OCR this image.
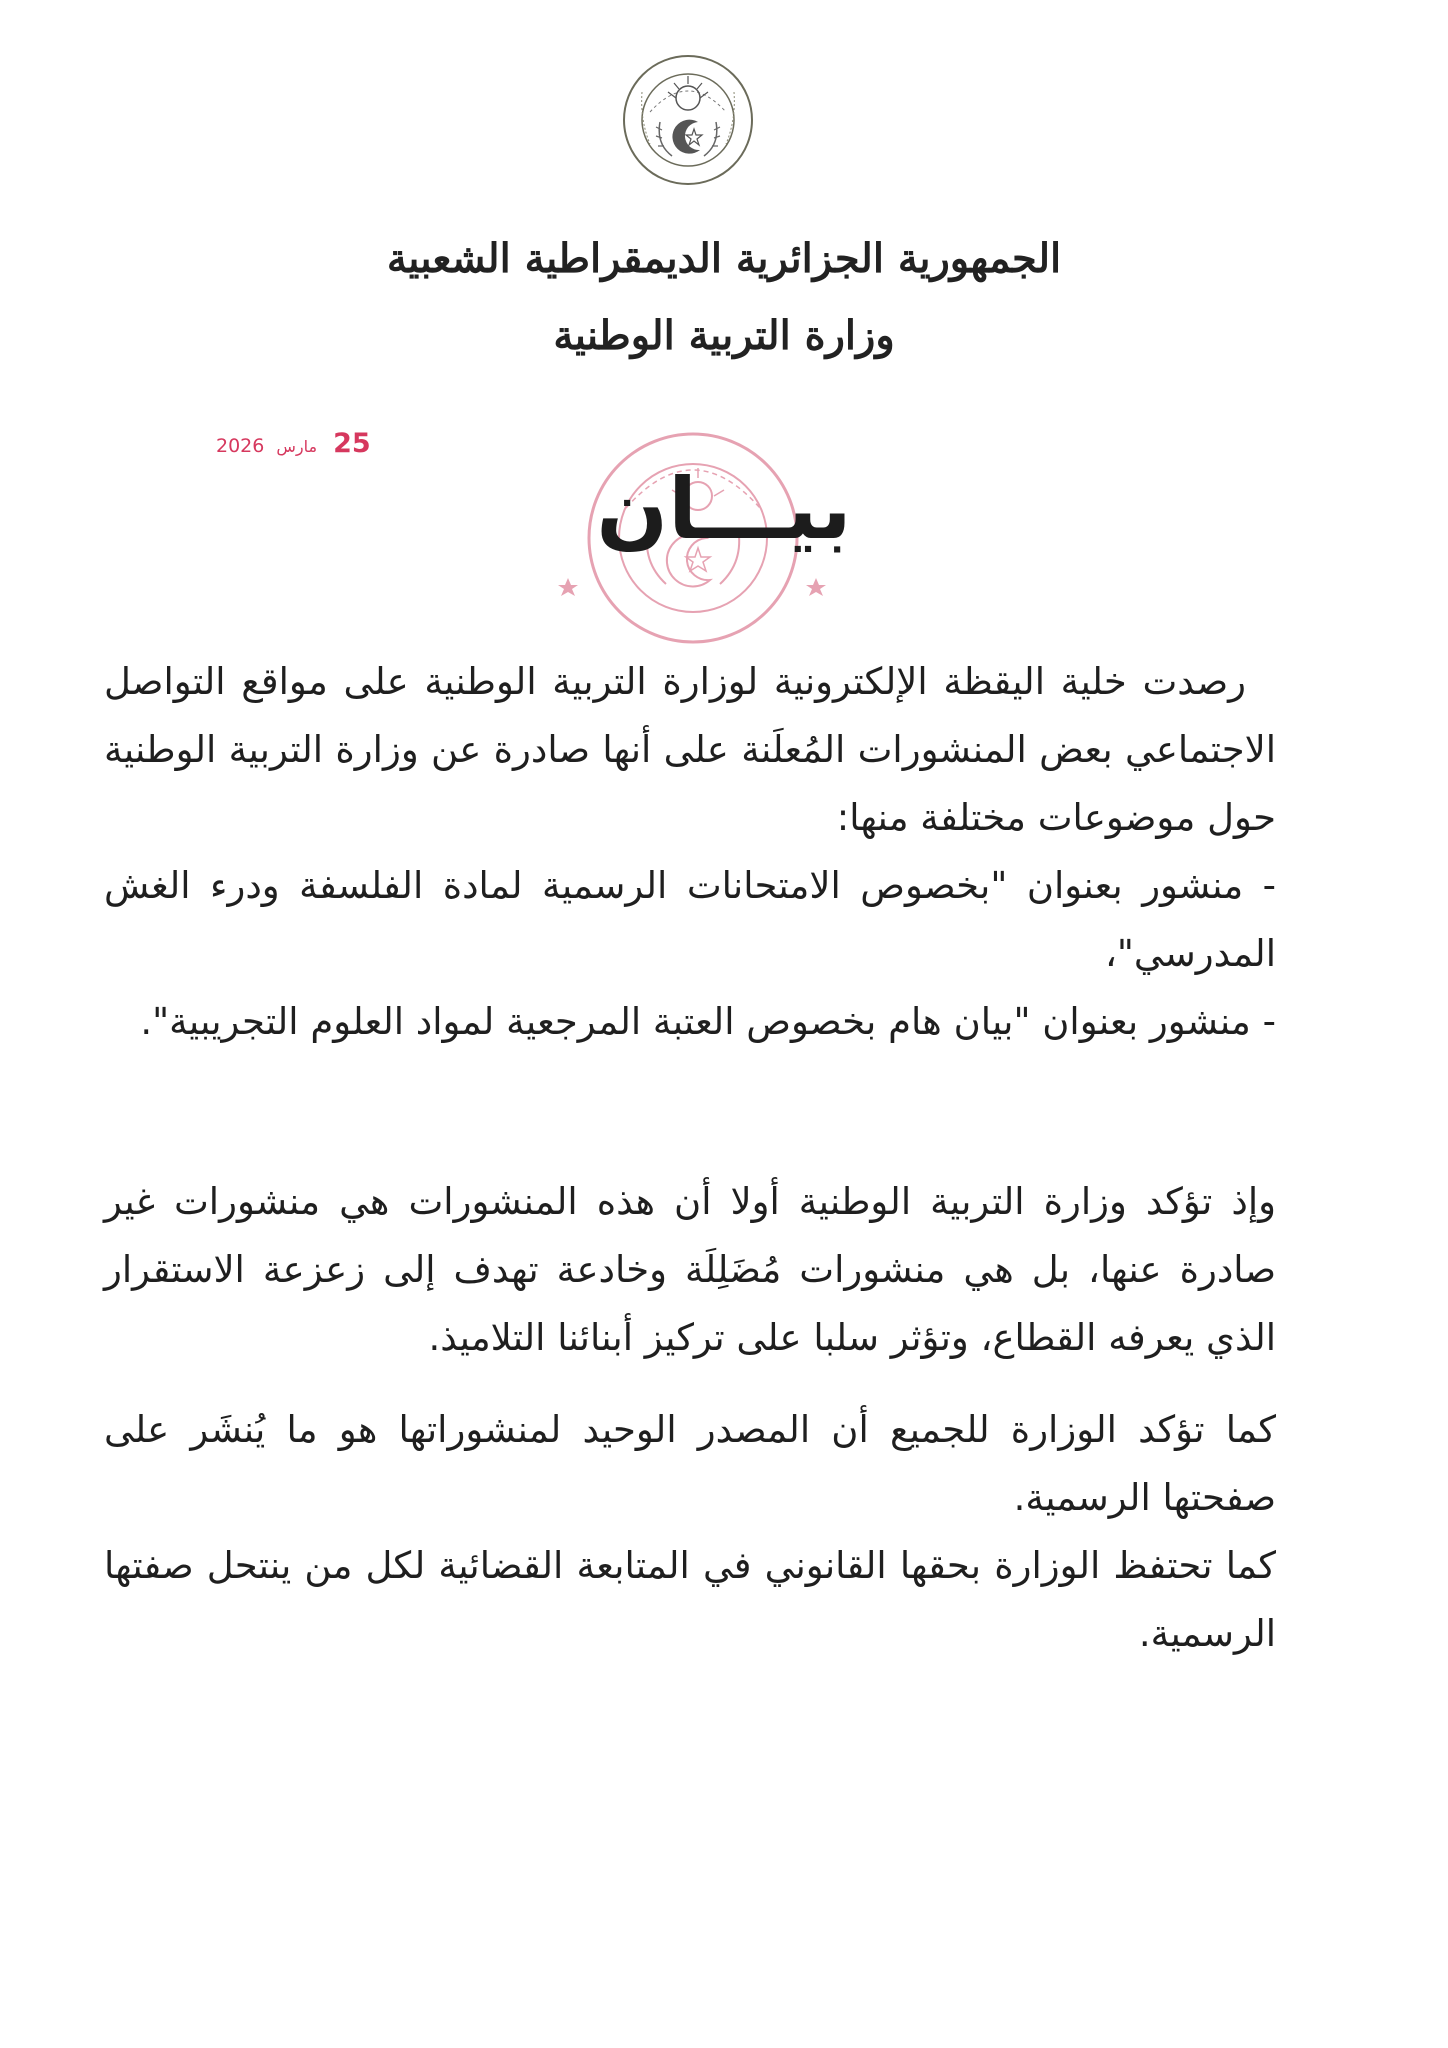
الجمهورية الجزائرية الديمقراطية الشعبية
وزارة التربية الوطنية
2026 مارس 25
بيـــان

رصدت خلية اليقظة الإلكترونية لوزارة التربية الوطنية على مواقع التواصل الاجتماعي بعض المنشورات المُعلَنة على أنها صادرة عن وزارة التربية الوطنية حول موضوعات مختلفة منها:

- منشور بعنوان "بخصوص الامتحانات الرسمية لمادة الفلسفة ودرء الغش المدرسي"،

- منشور بعنوان "بيان هام بخصوص العتبة المرجعية لمواد العلوم التجريبية".

وإذ تؤكد وزارة التربية الوطنية أولا أن هذه المنشورات هي منشورات غير صادرة عنها، بل هي منشورات مُضَلِلَة وخادعة تهدف إلى زعزعة الاستقرار الذي يعرفه القطاع، وتؤثر سلبا على تركيز أبنائنا التلاميذ.

كما تؤكد الوزارة للجميع أن المصدر الوحيد لمنشوراتها هو ما يُنشَر على صفحتها الرسمية.

كما تحتفظ الوزارة بحقها القانوني في المتابعة القضائية لكل من ينتحل صفتها الرسمية.
